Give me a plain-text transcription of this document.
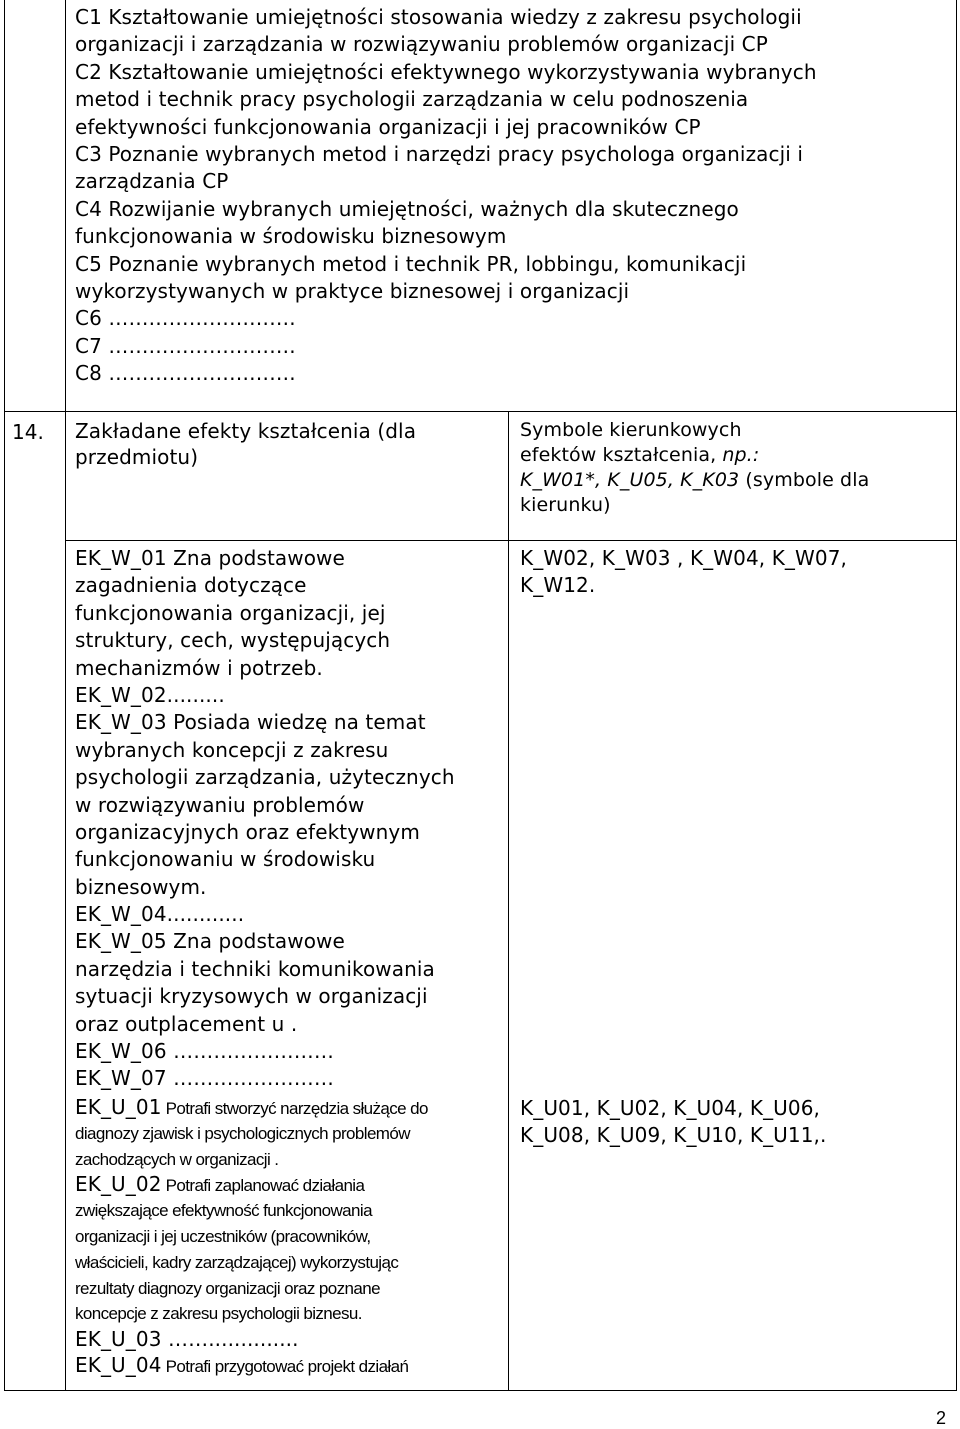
C1 Kształtowanie umiejętności stosowania wiedzy z zakresu psychologii
organizacji i zarządzania w rozwiązywaniu problemów organizacji CP
C2 Kształtowanie umiejętności efektywnego wykorzystywania wybranych
metod i technik pracy psychologii zarządzania w celu podnoszenia
efektywności funkcjonowania organizacji i jej pracowników CP
C3 Poznanie wybranych metod i narzędzi pracy psychologa organizacji i
zarządzania CP
C4 Rozwijanie wybranych umiejętności, ważnych dla skutecznego
funkcjonowania w środowisku biznesowym
C5 Poznanie wybranych metod i technik PR, lobbingu, komunikacji
wykorzystywanych w praktyce biznesowej i organizacji
C6 ……………………….
C7 ……………………….
C8 ……………………….
14. Zakładane efekty kształcenia (dla
przedmiotu)
Symbole kierunkowych
efektów kształcenia, np.:
K_W01*, K_U05, K_K03 (symbole dla
kierunku)
EK_W_01 Zna podstawowe
zagadnienia dotyczące
funkcjonowania organizacji, jej
struktury, cech, występujących
mechanizmów i potrzeb.
EK_W_02.........
EK_W_03 Posiada wiedzę na temat
wybranych koncepcji z zakresu
psychologii zarządzania, użytecznych
w rozwiązywaniu problemów
organizacyjnych oraz efektywnym
funkcjonowaniu w środowisku
biznesowym.
EK_W_04............
EK_W_05 Zna podstawowe
narzędzia i techniki komunikowania
sytuacji kryzysowych w organizacji
oraz outplacement u .
EK_W_06 ……………………
EK_W_07 ……………………
EK_U_01 Potrafi stworzyć narzędzia służące do
diagnozy zjawisk i psychologicznych problemów
zachodzących w organizacji .
EK_U_02 Potrafi zaplanować działania
zwiększające efektywność funkcjonowania
organizacji i jej uczestników (pracowników,
właścicieli, kadry zarządzającej) wykorzystując
rezultaty diagnozy organizacji oraz poznane
koncepcje z zakresu psychologii biznesu.
EK_U_03 ……..............
EK_U_04 Potrafi przygotować projekt działań
K_W02, K_W03 , K_W04, K_W07,
K_W12.
K_U01, K_U02, K_U04, K_U06,
K_U08, K_U09, K_U10, K_U11,.
2
